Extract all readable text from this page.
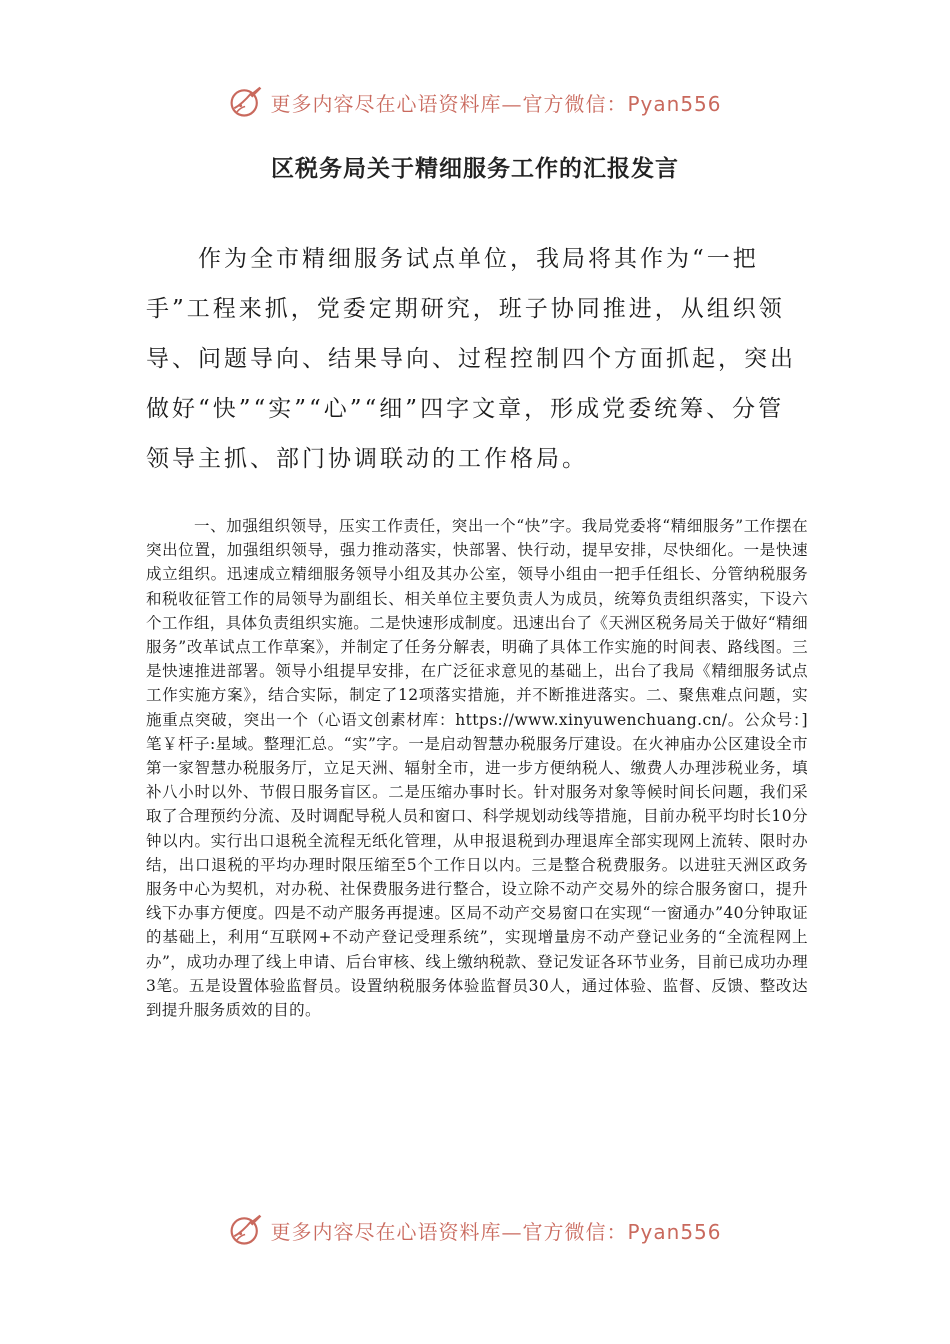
更多内容尽在心语资料库—官方微信：Pyan556
区税务局关于精细服务工作的汇报发言

作为全市精细服务试点单位，我局将其作为“一把手”工程来抓，党委定期研究，班子协同推进，从组织领导、问题导向、结果导向、过程控制四个方面抓起，突出做好“快”“实”“心”“细”四字文章，形成党委统筹、分管领导主抓、部门协调联动的工作格局。

一、加强组织领导，压实工作责任，突出一个“快”字。我局党委将“精细服务”工作摆在突出位置，加强组织领导，强力推动落实，快部署、快行动，提早安排，尽快细化。一是快速成立组织。迅速成立精细服务领导小组及其办公室，领导小组由一把手任组长、分管纳税服务和税收征管工作的局领导为副组长、相关单位主要负责人为成员，统筹负责组织落实，下设六个工作组，具体负责组织实施。二是快速形成制度。迅速出台了《天洲区税务局关于做好“精细服务”改革试点工作草案》，并制定了任务分解表，明确了具体工作实施的时间表、路线图。三是快速推进部署。领导小组提早安排，在广泛征求意见的基础上，出台了我局《精细服务试点工作实施方案》，结合实际，制定了12项落实措施，并不断推进落实。二、聚焦难点问题，实施重点突破，突出一个（心语文创素材库：https://www.xinyuwenchuang.cn/。公众号：]笔￥杆子:星域。整理汇总。“实”字。一是启动智慧办税服务厅建设。在火神庙办公区建设全市第一家智慧办税服务厅，立足天洲、辐射全市，进一步方便纳税人、缴费人办理涉税业务，填补八小时以外、节假日服务盲区。二是压缩办事时长。针对服务对象等候时间长问题，我们采取了合理预约分流、及时调配导税人员和窗口、科学规划动线等措施，目前办税平均时长10分钟以内。实行出口退税全流程无纸化管理，从申报退税到办理退库全部实现网上流转、限时办结，出口退税的平均办理时限压缩至5个工作日以内。三是整合税费服务。以进驻天洲区政务服务中心为契机，对办税、社保费服务进行整合，设立除不动产交易外的综合服务窗口，提升线下办事方便度。四是不动产服务再提速。区局不动产交易窗口在实现“一窗通办”40分钟取证的基础上，利用“互联网+不动产登记受理系统”，实现增量房不动产登记业务的“全流程网上办”，成功办理了线上申请、后台审核、线上缴纳税款、登记发证各环节业务，目前已成功办理3笔。五是设置体验监督员。设置纳税服务体验监督员30人，通过体验、监督、反馈、整改达到提升服务质效的目的。

更多内容尽在心语资料库—官方微信：Pyan556
